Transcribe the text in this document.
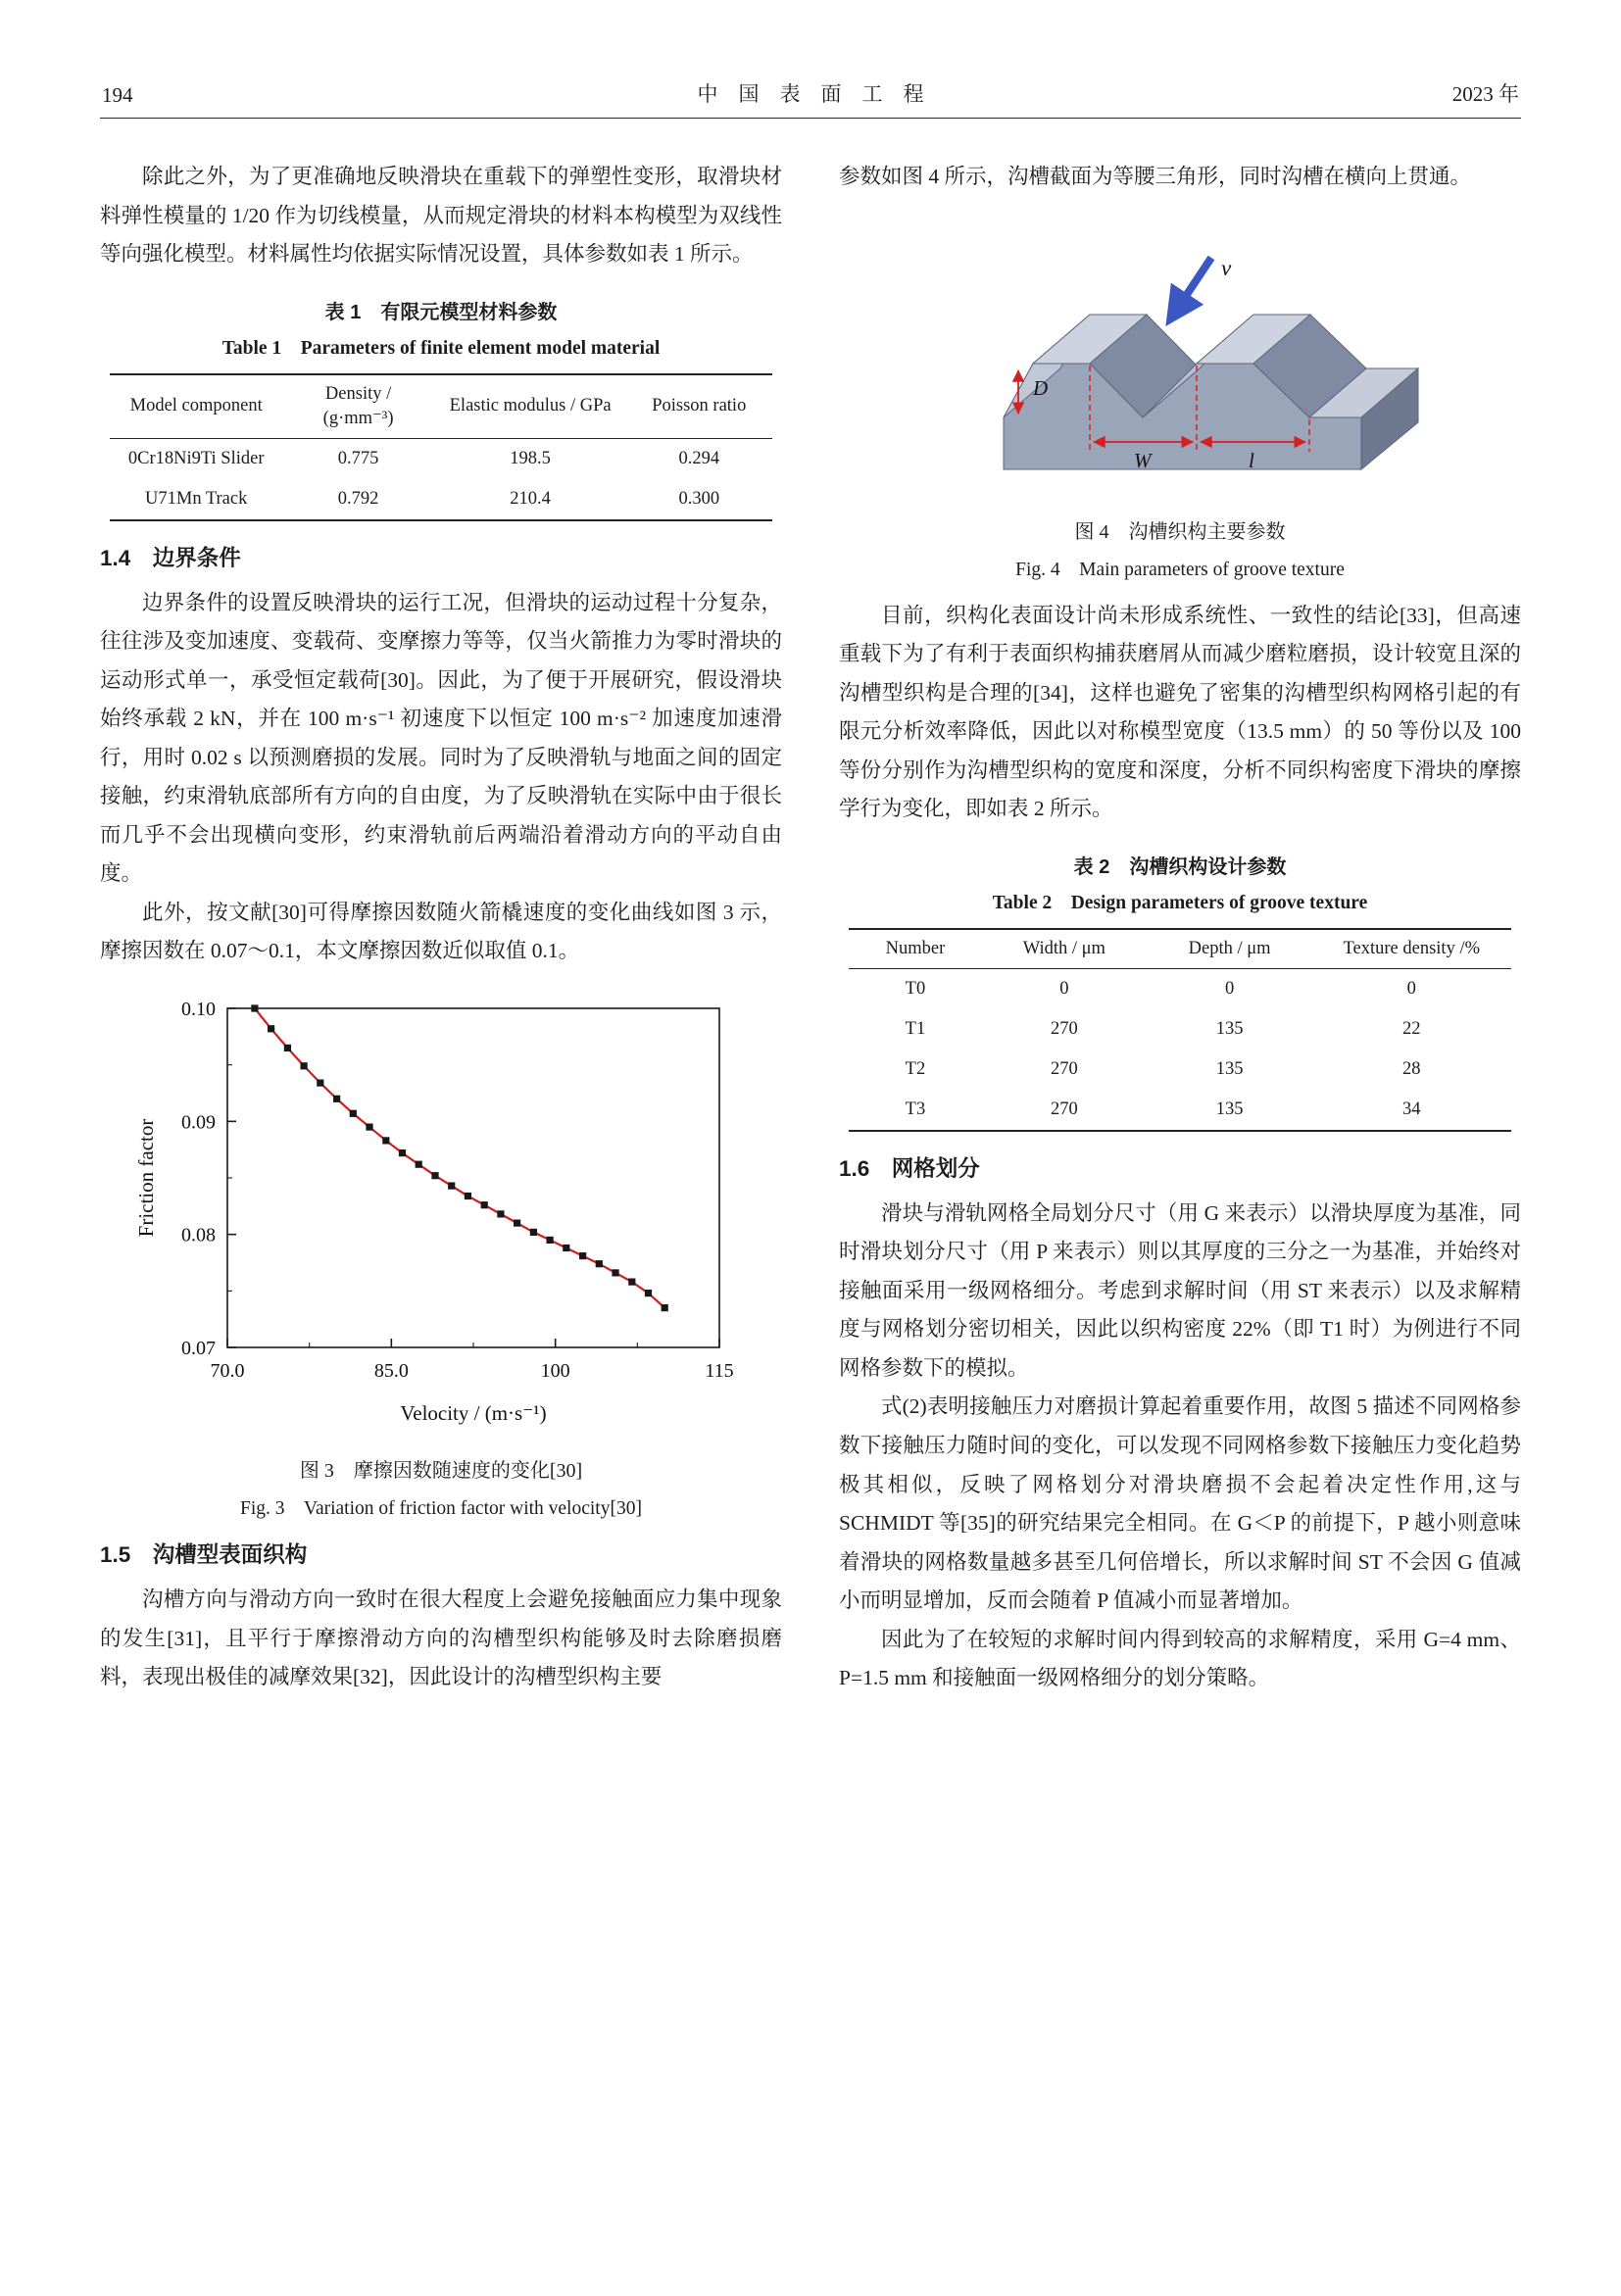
194	中　国　表　面　工　程	2023 年

除此之外，为了更准确地反映滑块在重载下的弹塑性变形，取滑块材料弹性模量的 1/20 作为切线模量，从而规定滑块的材料本构模型为双线性等向强化模型。材料属性均依据实际情况设置，具体参数如表 1 所示。

表 1　有限元模型材料参数
Table 1　Parameters of finite element model material
Model component	Density / (g·mm⁻³)	Elastic modulus / GPa	Poisson ratio
0Cr18Ni9Ti Slider	0.775	198.5	0.294
U71Mn Track	0.792	210.4	0.300
1.4　边界条件

边界条件的设置反映滑块的运行工况，但滑块的运动过程十分复杂，往往涉及变加速度、变载荷、变摩擦力等等，仅当火箭推力为零时滑块的运动形式单一，承受恒定载荷[30]。因此，为了便于开展研究，假设滑块始终承载 2 kN，并在 100 m·s⁻¹ 初速度下以恒定 100 m·s⁻² 加速度加速滑行，用时 0.02 s 以预测磨损的发展。同时为了反映滑轨与地面之间的固定接触，约束滑轨底部所有方向的自由度，为了反映滑轨在实际中由于很长而几乎不会出现横向变形，约束滑轨前后两端沿着滑动方向的平动自由度。

此外，按文献[30]可得摩擦因数随火箭橇速度的变化曲线如图 3 示，摩擦因数在 0.07～0.1，本文摩擦因数近似取值 0.1。

70.0	85.0	100	115
0.07
0.08
0.09
0.10
Velocity / (m·s⁻¹)
Friction factor
图 3　摩擦因数随速度的变化[30]
Fig. 3　Variation of friction factor with velocity[30]
1.5　沟槽型表面织构

沟槽方向与滑动方向一致时在很大程度上会避免接触面应力集中现象的发生[31]，且平行于摩擦滑动方向的沟槽型织构能够及时去除磨损磨料，表现出极佳的减摩效果[32]，因此设计的沟槽型织构主要

参数如图 4 所示，沟槽截面为等腰三角形，同时沟槽在横向上贯通。

D
W	l
v
图 4　沟槽织构主要参数
Fig. 4　Main parameters of groove texture

目前，织构化表面设计尚未形成系统性、一致性的结论[33]，但高速重载下为了有利于表面织构捕获磨屑从而减少磨粒磨损，设计较宽且深的沟槽型织构是合理的[34]，这样也避免了密集的沟槽型织构网格引起的有限元分析效率降低，因此以对称模型宽度（13.5 mm）的 50 等份以及 100 等份分别作为沟槽型织构的宽度和深度，分析不同织构密度下滑块的摩擦学行为变化，即如表 2 所示。

表 2　沟槽织构设计参数
Table 2　Design parameters of groove texture
Number	Width / μm	Depth / μm	Texture density /%
T0	0	0	0
T1	270	135	22
T2	270	135	28
T3	270	135	34
1.6　网格划分

滑块与滑轨网格全局划分尺寸（用 G 来表示）以滑块厚度为基准，同时滑块划分尺寸（用 P 来表示）则以其厚度的三分之一为基准，并始终对接触面采用一级网格细分。考虑到求解时间（用 ST 来表示）以及求解精度与网格划分密切相关，因此以织构密度 22%（即 T1 时）为例进行不同网格参数下的模拟。

式(2)表明接触压力对磨损计算起着重要作用，故图 5 描述不同网格参数下接触压力随时间的变化，可以发现不同网格参数下接触压力变化趋势极其相似，反映了网格划分对滑块磨损不会起着决定性作用,这与 SCHMIDT 等[35]的研究结果完全相同。在 G＜P 的前提下，P 越小则意味着滑块的网格数量越多甚至几何倍增长，所以求解时间 ST 不会因 G 值减小而明显增加，反而会随着 P 值减小而显著增加。

因此为了在较短的求解时间内得到较高的求解精度，采用 G=4 mm、P=1.5 mm 和接触面一级网格细分的划分策略。
